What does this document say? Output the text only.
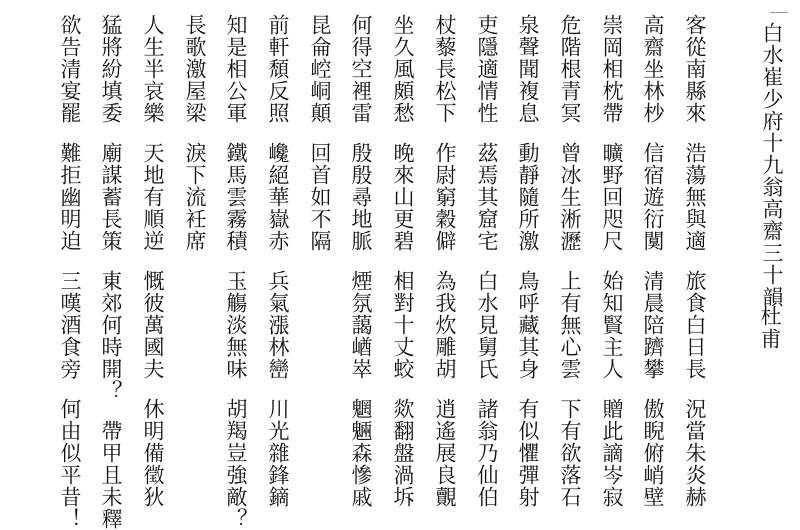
白水崔少府十九翁高齋三十韻
杜甫
客從南縣來浩蕩無與適旅食白日長況當朱炎赫
高齋坐林杪信宿遊衍闃清晨陪躋攀傲睨俯峭壁
崇岡相枕帶曠野回咫尺始知賢主人贈此謫岑寂
危階根青冥曾冰生淅瀝上有無心雲下有欲落石
泉聲聞複息動靜隨所激鳥呼藏其身有似懼彈射
吏隱適情性茲焉其窟宅白水見舅氏諸翁乃仙伯
杖藜長松下作尉窮穀僻為我炊雕胡逍遙展良覿
坐久風頗愁晚來山更碧相對十丈蛟欻翻盤渦坼
何得空裡雷殷殷尋地脈煙氛藹崷崒魍魎森慘戚
昆侖崆峒顛回首如不隔
前軒頹反照巉絕華嶽赤兵氣漲林巒川光雜鋒鏑
知是相公軍鐵馬雲霧積玉觴淡無味胡羯豈強敵？
長歌激屋梁淚下流衽席
人生半哀樂天地有順逆慨彼萬國夫休明備徵狄
猛將紛填委廟謀蓄長策東郊何時開？帶甲且未釋
欲告清宴罷難拒幽明迫三嘆酒食旁何由似平昔！
